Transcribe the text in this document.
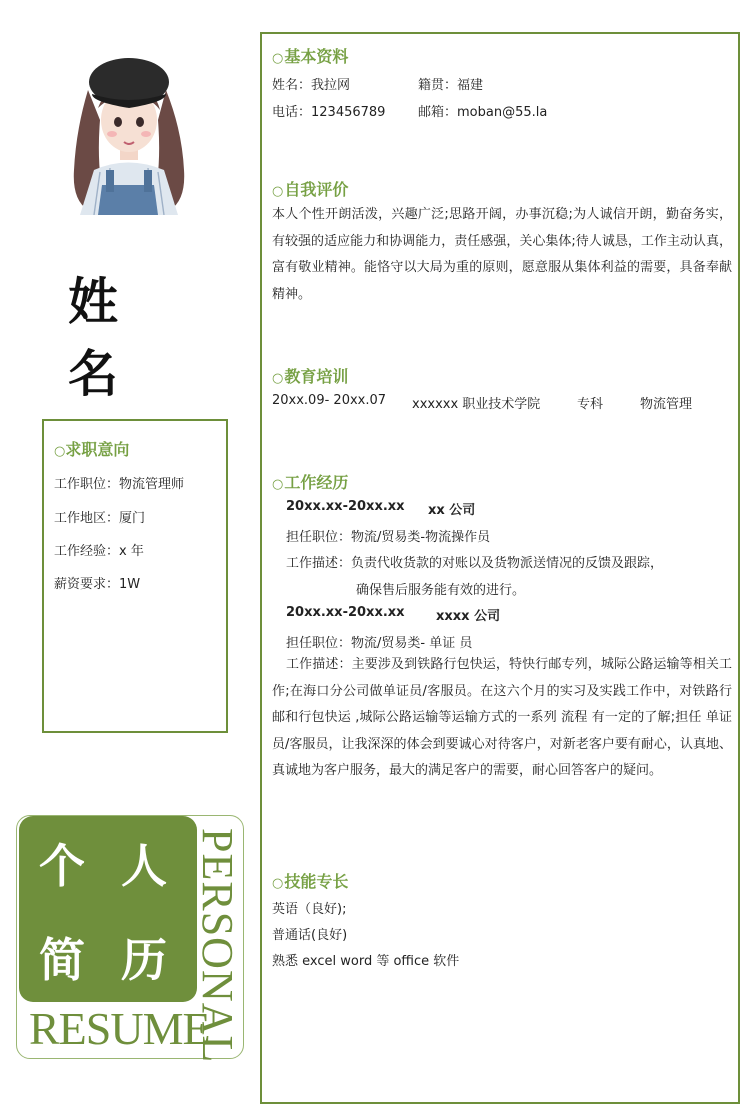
姓 名
○求职意向
工作职位：物流管理师
工作地区：厦门
工作经验：x 年
薪资要求：1W
个 人
简 历 PERSONAL
RESUME
○基本资料
姓名：我拉网	籍贯：福建
电话：123456789	邮箱：moban@55.la
○自我评价
本人个性开朗活泼，兴趣广泛;思路开阔，办事沉稳;为人诚信开朗，勤奋务实，有较强的适应能力和协调能力，责任感强，关心集体;待人诚恳，工作主动认真，富有敬业精神。能恪守以大局为重的原则，愿意服从集体利益的需要，具备奉献精神。
○教育培训
20xx.09- 20xx.07 xxxxxx 职业技术学院	专科	物流管理
○工作经历
20xx.xx-20xx.xx xx 公司
担任职位：物流/贸易类-物流操作员
工作描述：负责代收货款的对账以及货物派送情况的反馈及跟踪，
确保售后服务能有效的进行。
20xx.xx-20xx.xx xxxx 公司
担任职位：物流/贸易类- 单证 员
工作描述：主要涉及到铁路行包快运，特快行邮专列，城际公路运输等相关工作;在海口分公司做单证员/客服员。在这六个月的实习及实践工作中，对铁路行邮和行包快运 ,城际公路运输等运输方式的一系列 流程 有一定的了解;担任 单证 员/客服员，让我深深的体会到要诚心对待客户，对新老客户要有耐心，认真地、真诚地为客户服务，最大的满足客户的需要，耐心回答客户的疑问。
○技能专长
英语（良好);
普通话(良好)
熟悉 excel word 等 office 软件
